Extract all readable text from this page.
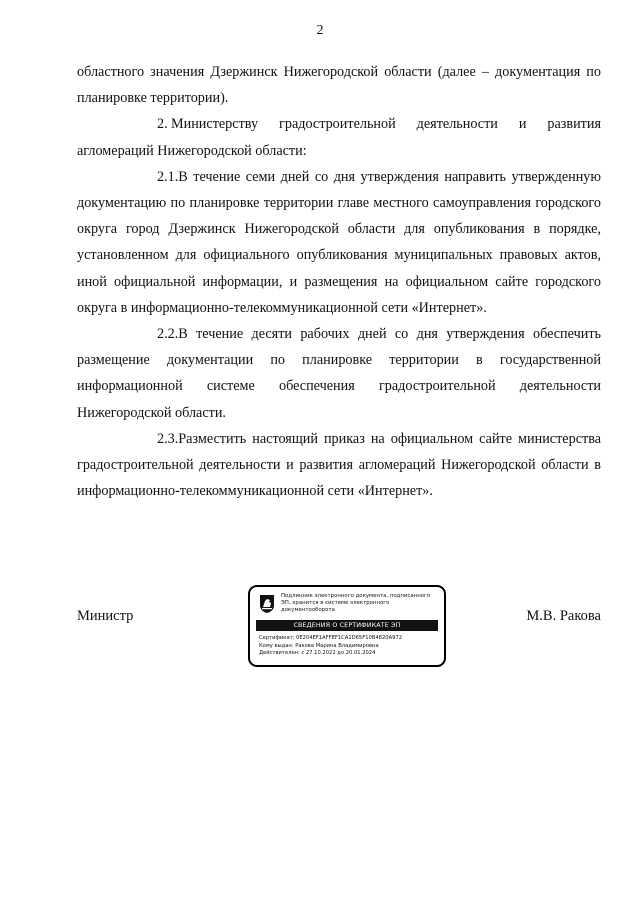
2

областного значения Дзержинск Нижегородской области (далее – документация по планировке территории).

2. Министерству градостроительной деятельности и развития агломераций Нижегородской области:

2.1.В течение семи дней со дня утверждения направить утвержденную документацию по планировке территории главе местного самоуправления городского округа город Дзержинск Нижегородской области для опубликования в порядке, установленном для официального опубликования муниципальных правовых актов, иной официальной информации, и размещения на официальном сайте городского округа в информационно-телекоммуникационной сети «Интернет».

2.2.В течение десяти рабочих дней со дня утверждения обеспечить размещение документации по планировке территории в государственной информационной системе обеспечения градостроительной деятельности Нижегородской области.

2.3.Разместить настоящий приказ на официальном сайте министерства градостроительной деятельности и развития агломераций Нижегородской области в информационно-телекоммуникационной сети «Интернет».

Министр
Подлинник электронного документа, подписанного ЭП, хранится в системе электронного документооборота
СВЕДЕНИЯ О СЕРТИФИКАТЕ ЭП
Сертификат: 0E204EF1AFFEF1CA1D65F10B4820A972
Кому выдан: Ракова Марина Владимировна
Действителен: с 27.10.2022 до 20.01.2024
М.В. Ракова
